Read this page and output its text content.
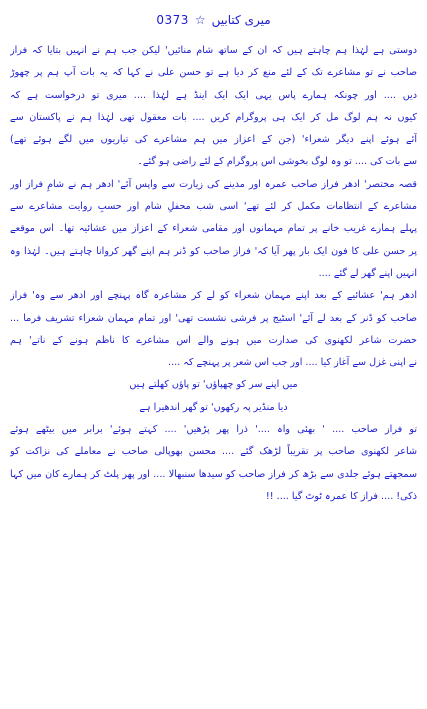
میری کتابیں
☆
0373
دوستی ہے لہٰذا ہم چاہتے ہیں کہ ان کے ساتھ شام منائیں' لیکن جب ہم نے انہیں بتایا کہ فراز
صاحب نے تو مشاعرے تک کے لئے منع کر دیا ہے تو حسن علی نے کہا کہ یہ بات آپ ہم پر چھوڑ
دیں .... اور چونکہ ہمارے پاس یہی ایک ایک اینڈ ہے لہٰذا .... میری تو درخواست ہے کہ
کیوں نہ ہم لوگ مل کر ایک ہی پروگرام کریں .... بات معقول تھی لہٰذا ہم نے پاکستان سے
آئے ہوئے اپنے دیگر شعراء' (جن کے اعزاز میں ہم مشاعرے کی تیاریوں میں لگے ہوئے تھے)
سے بات کی .... تو وہ لوگ بخوشی اس پروگرام کے لئے راضی ہو گئے۔
قصہ مختصر' ادھر فراز صاحب عمرہ اور مدینے کی زیارت سے واپس آئے' ادھر ہم نے شامِ فراز اور
مشاعرے کے انتظامات مکمل کر لئے تھے' اسی شب محفلِ شام اور حسبِ روایت مشاعرے سے
پہلے ہمارے غریب خانے پر تمام مہمانوں اور مقامی شعراء کے اعزاز میں عشائیہ تھا۔ اس موقعے
پر حسن علی کا فون ایک بار پھر آیا کہ' فراز صاحب کو ڈنر ہم اپنے گھر کروانا چاہتے ہیں۔ لہٰذا وہ
انہیں اپنے گھر لے گئے ....
ادھر ہم' عشائیے کے بعد اپنے مہمان شعراء کو لے کر مشاعرہ گاہ پہنچے اور ادھر سے وہ' فراز
صاحب کو ڈنر کے بعد لے آئے' اسٹیج پر فرشی نشست تھی' اور تمام مہمان شعراء تشریف فرما ...
حضرت شاعر لکھنوی کی صدارت میں ہونے والے اس مشاعرے کا ناظم ہونے کے ناتے' ہم
نے اپنی غزل سے آغاز کیا .... اور جب اس شعر پر پہنچے کہ ....
میں اپنے سر کو چھپاؤں' تو پاؤں کھلتے ہیں
دیا منڈیر پہ رکھوں' تو گھر اندھیرا ہے
تو فراز صاحب .... ' بھئی واہ ....' ذرا پھر پڑھیں' .... کہتے ہوئے' برابر میں بیٹھے ہوئے
شاعر لکھنوی صاحب پر تقریباً لڑھک گئے .... محسن بھوپالی صاحب نے معاملے کی نزاکت کو
سمجھتے ہوئے جلدی سے بڑھ کر فراز صاحب کو سیدھا سنبھالا .... اور پھر پلٹ کر ہمارے کان میں کہا
ذکی! .... فراز کا عمرہ ٹوٹ گیا .... !!
